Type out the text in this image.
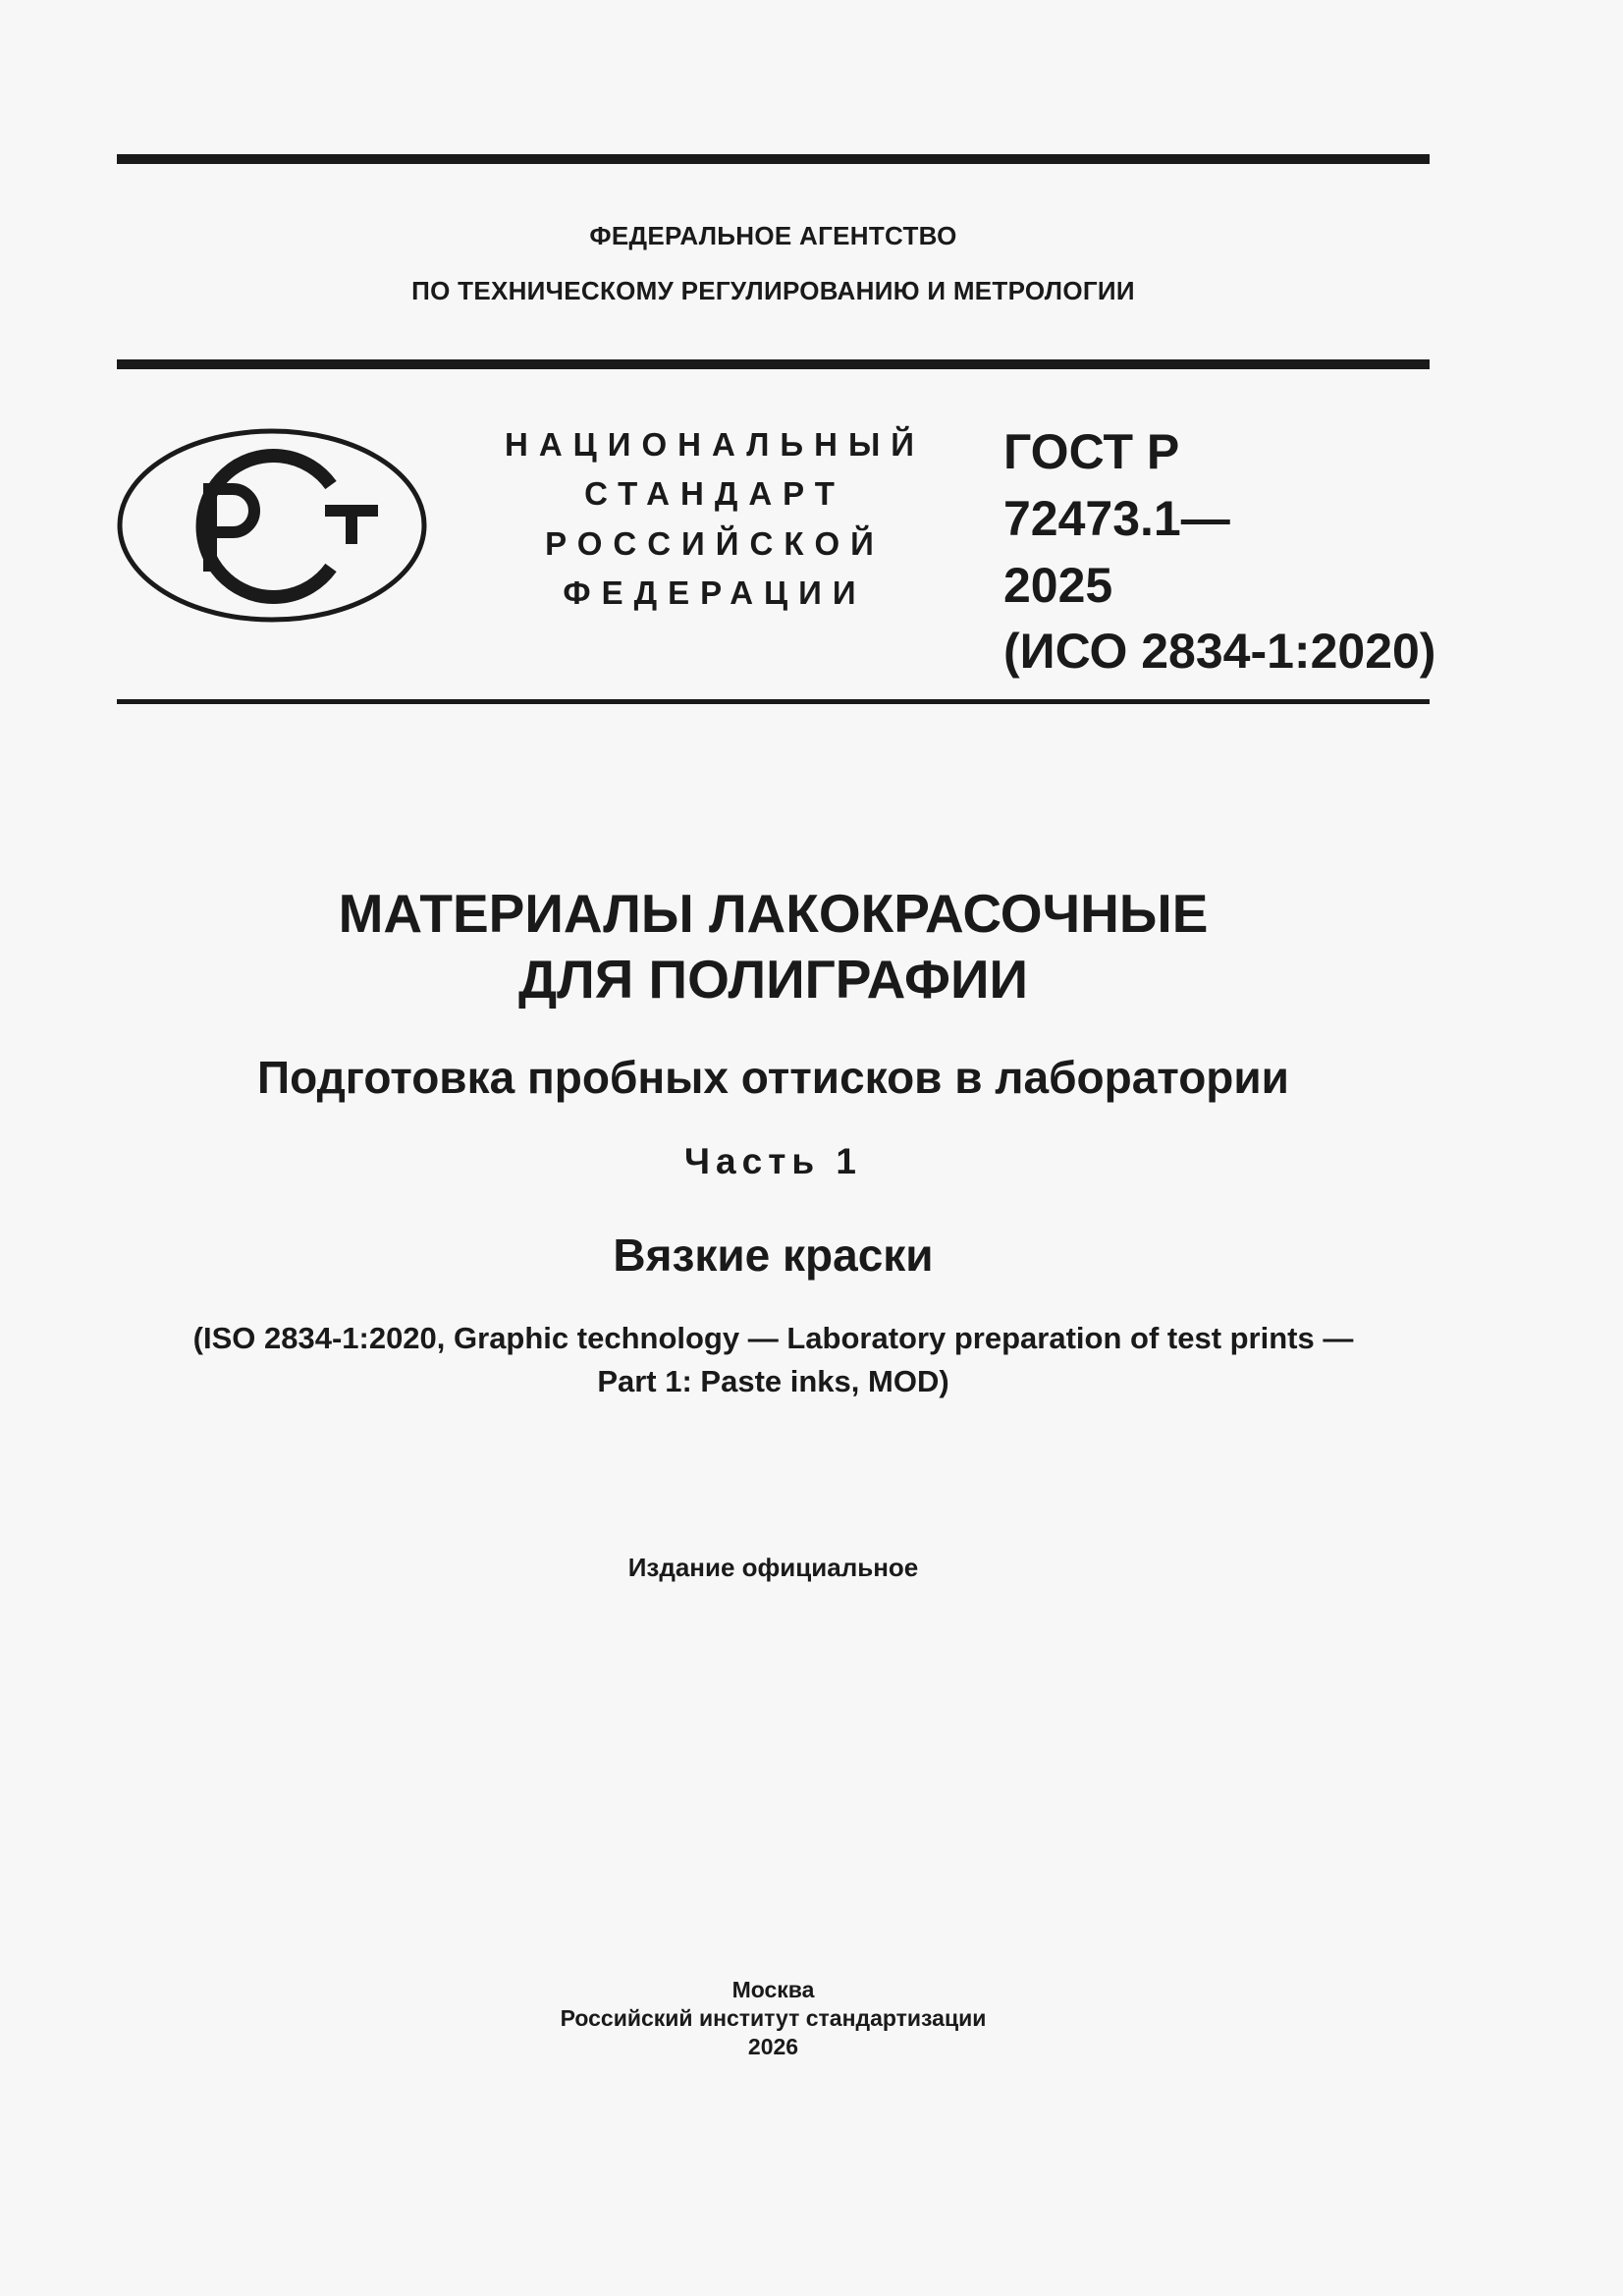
ФЕДЕРАЛЬНОЕ АГЕНТСТВО
ПО ТЕХНИЧЕСКОМУ РЕГУЛИРОВАНИЮ И МЕТРОЛОГИИ
НАЦИОНАЛЬНЫЙ
СТАНДАРТ
РОССИЙСКОЙ
ФЕДЕРАЦИИ
ГОСТ Р
72473.1—
2025
(ИСО 2834-1:2020)
МАТЕРИАЛЫ ЛАКОКРАСОЧНЫЕ
ДЛЯ ПОЛИГРАФИИ
Подготовка пробных оттисков в лаборатории
Часть 1
Вязкие краски
(ISO 2834-1:2020, Graphic technology — Laboratory preparation of test prints —
Part 1: Paste inks, MOD)
Издание официальное
Москва
Российский институт стандартизации
2026
